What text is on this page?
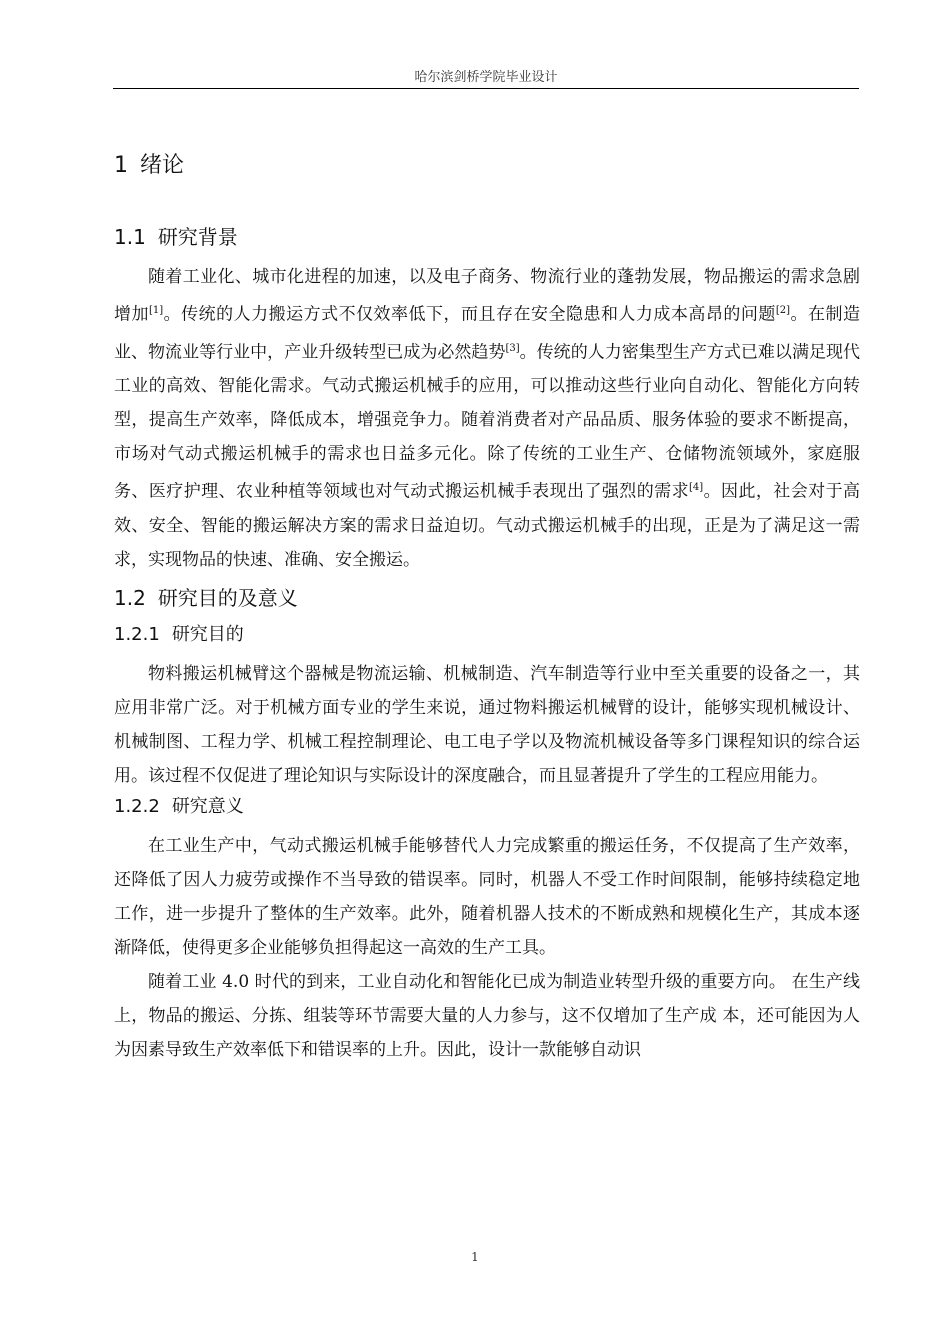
哈尔滨剑桥学院毕业设计
1 绪论
1.1 研究背景

随着工业化、城市化进程的加速，以及电子商务、物流行业的蓬勃发展，物品搬运的需求急剧增加[1]。传统的人力搬运方式不仅效率低下，而且存在安全隐患和人力成本高昂的问题[2]。在制造业、物流业等行业中，产业升级转型已成为必然趋势[3]。传统的人力密集型生产方式已难以满足现代工业的高效、智能化需求。气动式搬运机械手的应用，可以推动这些行业向自动化、智能化方向转型，提高生产效率，降低成本，增强竞争力。随着消费者对产品品质、服务体验的要求不断提高，市场对气动式搬运机械手的需求也日益多元化。除了传统的工业生产、仓储物流领域外，家庭服务、医疗护理、农业种植等领域也对气动式搬运机械手表现出了强烈的需求[4]。因此，社会对于高效、安全、智能的搬运解决方案的需求日益迫切。气动式搬运机械手的出现，正是为了满足这一需求，实现物品的快速、准确、安全搬运。

1.2 研究目的及意义
1.2.1 研究目的

物料搬运机械臂这个器械是物流运输、机械制造、汽车制造等行业中至关重要的设备之一，其应用非常广泛。对于机械方面专业的学生来说，通过物料搬运机械臂的设计，能够实现机械设计、机械制图、工程力学、机械工程控制理论、电工电子学以及物流机械设备等多门课程知识的综合运用。该过程不仅促进了理论知识与实际设计的深度融合，而且显著提升了学生的工程应用能力。

1.2.2 研究意义

在工业生产中，气动式搬运机械手能够替代人力完成繁重的搬运任务，不仅提高了生产效率，还降低了因人力疲劳或操作不当导致的错误率。同时，机器人不受工作时间限制，能够持续稳定地工作，进一步提升了整体的生产效率。此外，随着机器人技术的不断成熟和规模化生产，其成本逐渐降低，使得更多企业能够负担得起这一高效的生产工具。

随着工业 4.0 时代的到来，工业自动化和智能化已成为制造业转型升级的重要方向。 在生产线上，物品的搬运、分拣、组装等环节需要大量的人力参与，这不仅增加了生产成 本，还可能因为人为因素导致生产效率低下和错误率的上升。因此，设计一款能够自动识

1
